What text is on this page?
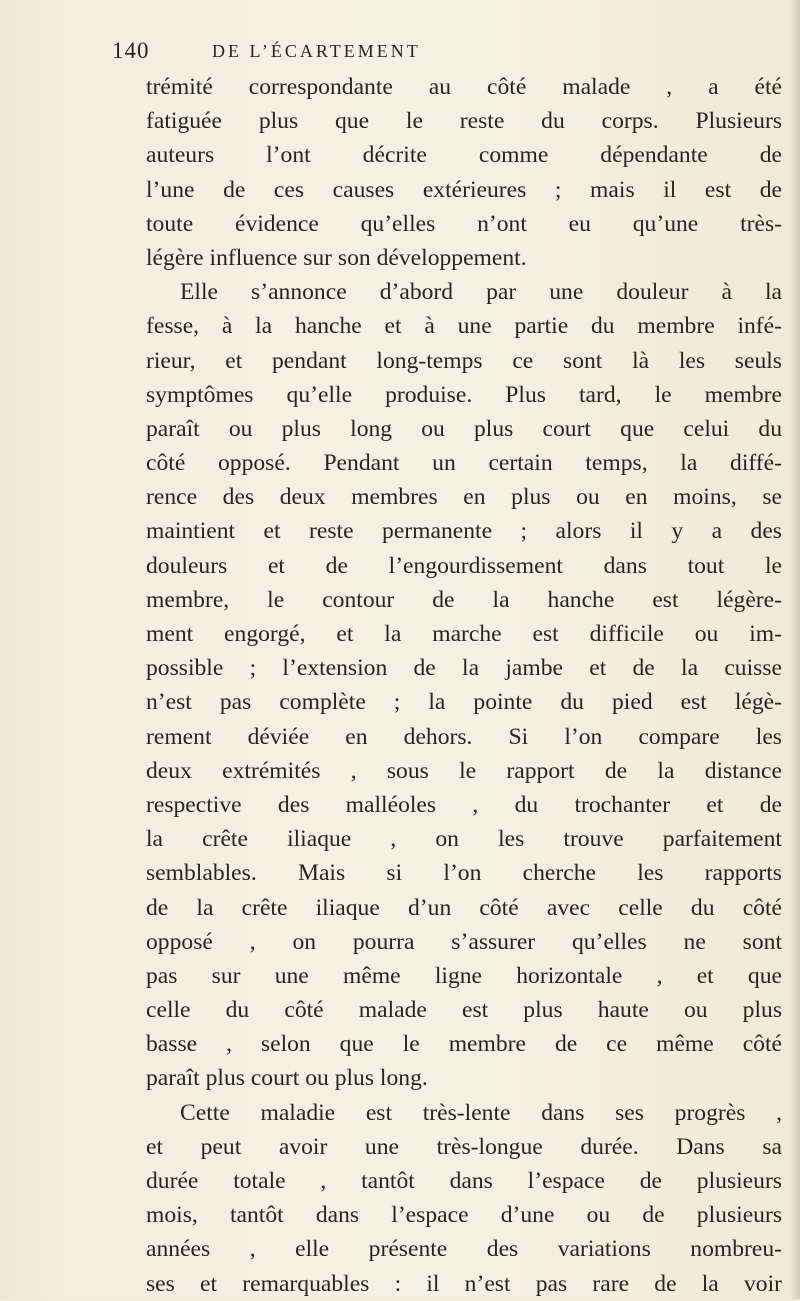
140	DE L’ÉCARTEMENT
trémité correspondante au côté malade , a été
fatiguée plus que le reste du corps. Plusieurs
auteurs l’ont décrite comme dépendante de
l’une de ces causes extérieures ; mais il est de
toute évidence qu’elles n’ont eu qu’une très-
légère influence sur son développement.
Elle s’annonce d’abord par une douleur à la
fesse, à la hanche et à une partie du membre infé-
rieur, et pendant long-temps ce sont là les seuls
symptômes qu’elle produise. Plus tard, le membre
paraît ou plus long ou plus court que celui du
côté opposé. Pendant un certain temps, la diffé-
rence des deux membres en plus ou en moins, se
maintient et reste permanente ; alors il y a des
douleurs et de l’engourdissement dans tout le
membre, le contour de la hanche est légère-
ment engorgé, et la marche est difficile ou im-
possible ; l’extension de la jambe et de la cuisse
n’est pas complète ; la pointe du pied est légè-
rement déviée en dehors. Si l’on compare les
deux extrémités , sous le rapport de la distance
respective des malléoles , du trochanter et de
la crête iliaque , on les trouve parfaitement
semblables. Mais si l’on cherche les rapports
de la crête iliaque d’un côté avec celle du côté
opposé , on pourra s’assurer qu’elles ne sont
pas sur une même ligne horizontale , et que
celle du côté malade est plus haute ou plus
basse , selon que le membre de ce même côté
paraît plus court ou plus long.
Cette maladie est très-lente dans ses progrès ,
et peut avoir une très-longue durée. Dans sa
durée totale , tantôt dans l’espace de plusieurs
mois, tantôt dans l’espace d’une ou de plusieurs
années , elle présente des variations nombreu-
ses et remarquables : il n’est pas rare de la voir
